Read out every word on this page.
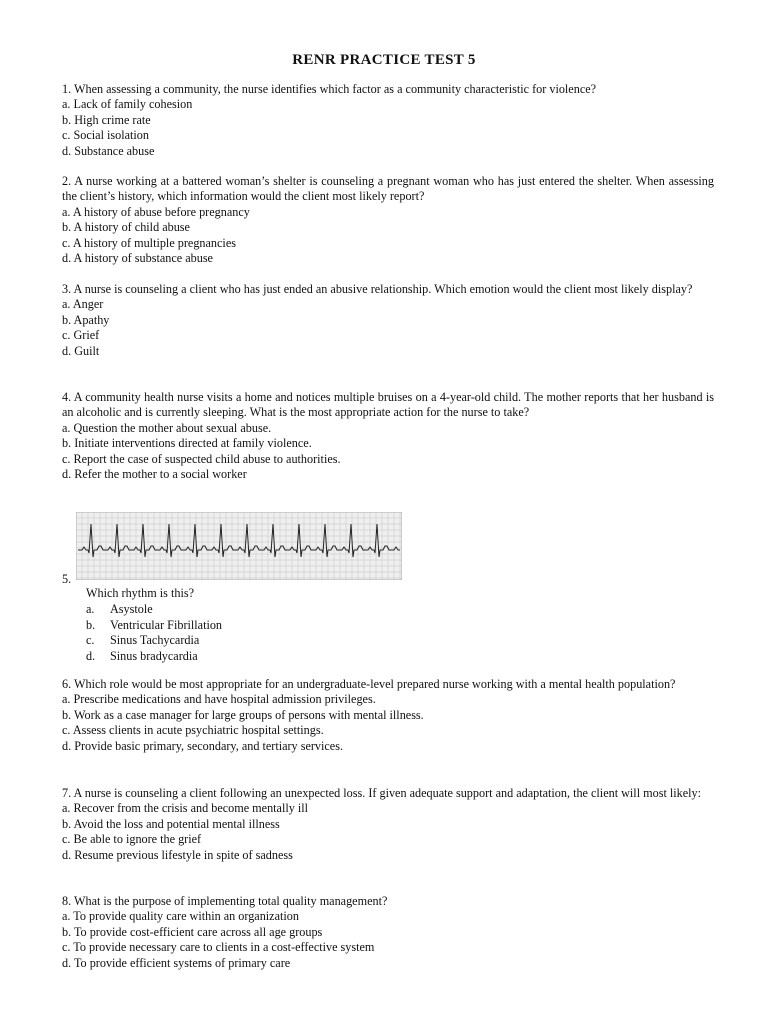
RENR PRACTICE TEST 5
1. When assessing a community, the nurse identifies which factor as a community characteristic for violence?
a. Lack of family cohesion
b. High crime rate
c. Social isolation
d. Substance abuse
2. A nurse working at a battered woman’s shelter is counseling a pregnant woman who has just entered the shelter. When assessing the client’s history, which information would the client most likely report?
a. A history of abuse before pregnancy
b. A history of child abuse
c. A history of multiple pregnancies
d. A history of substance abuse
3. A nurse is counseling a client who has just ended an abusive relationship. Which emotion would the client most likely display?
a. Anger
b. Apathy
c. Grief
d. Guilt
4. A community health nurse visits a home and notices multiple bruises on a 4-year-old child. The mother reports that her husband is an alcoholic and is currently sleeping. What is the most appropriate action for the nurse to take?
a. Question the mother about sexual abuse.
b. Initiate interventions directed at family violence.
c. Report the case of suspected child abuse to authorities.
d. Refer the mother to a social worker
5.
Which rhythm is this?
a.	Asystole
b.	Ventricular Fibrillation
c.	Sinus Tachycardia
d.	Sinus bradycardia
6. Which role would be most appropriate for an undergraduate-level prepared nurse working with a mental health population?
a. Prescribe medications and have hospital admission privileges.
b. Work as a case manager for large groups of persons with mental illness.
c. Assess clients in acute psychiatric hospital settings.
d. Provide basic primary, secondary, and tertiary services.
7. A nurse is counseling a client following an unexpected loss. If given adequate support and adaptation, the client will most likely:
a. Recover from the crisis and become mentally ill
b. Avoid the loss and potential mental illness
c. Be able to ignore the grief
d. Resume previous lifestyle in spite of sadness
8. What is the purpose of implementing total quality management?
a. To provide quality care within an organization
b. To provide cost-efficient care across all age groups
c. To provide necessary care to clients in a cost-effective system
d. To provide efficient systems of primary care
